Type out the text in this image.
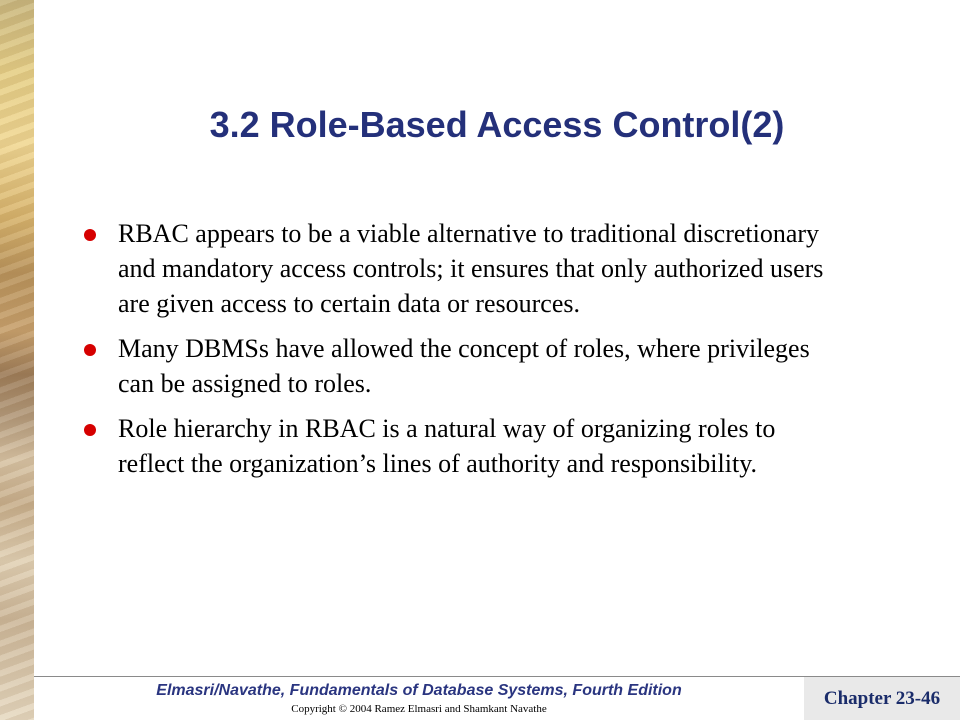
3.2 Role-Based Access Control(2)
RBAC appears to be a viable alternative to traditional discretionary and mandatory access controls; it ensures that only authorized users are given access to certain data or resources.
Many DBMSs have allowed the concept of roles, where privileges can be assigned to roles.
Role hierarchy in RBAC is a natural way of organizing roles to reflect the organization’s lines of authority and responsibility.
Elmasri/Navathe, Fundamentals of Database Systems, Fourth Edition
Copyright © 2004 Ramez Elmasri and Shamkant Navathe
Chapter 23-46
